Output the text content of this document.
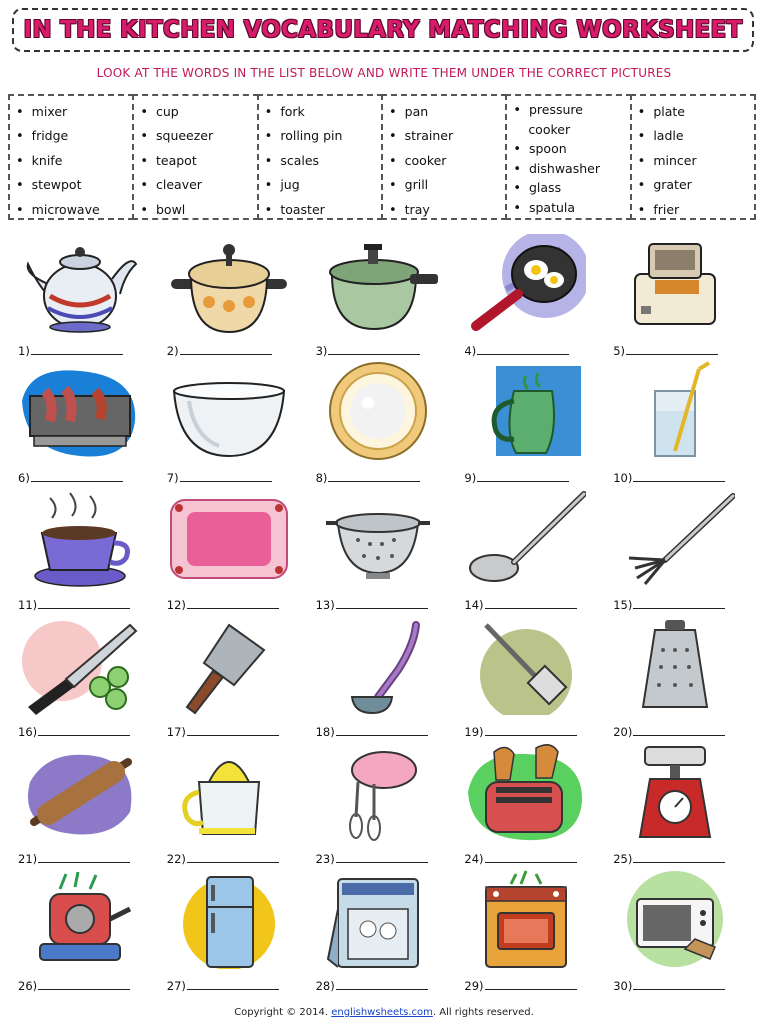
IN THE KITCHEN VOCABULARY MATCHING WORKSHEET
LOOK AT THE WORDS IN THE LIST BELOW AND WRITE THEM UNDER THE CORRECT PICTURES
• mixer
• fridge
• knife
• stewpot
• microwave
• cup
• squeezer
• teapot
• cleaver
• bowl
• fork
• rolling pin
• scales
• jug
• toaster
• pan
• strainer
• cooker
• grill
• tray
• pressure
cooker
• spoon
• dishwasher
• glass
• spatula
• plate
• ladle
• mincer
• grater
• frier
1)	2)	3)	4)	5)
6)	7)	8)	9)	10)
11)	12)	13)	14)	15)
16)	17)	18)	19)	20)
21)	22)	23)	24)	25)
26)	27)	28)	29)	30)
Copyright © 2014. englishwsheets.com. All rights reserved.
